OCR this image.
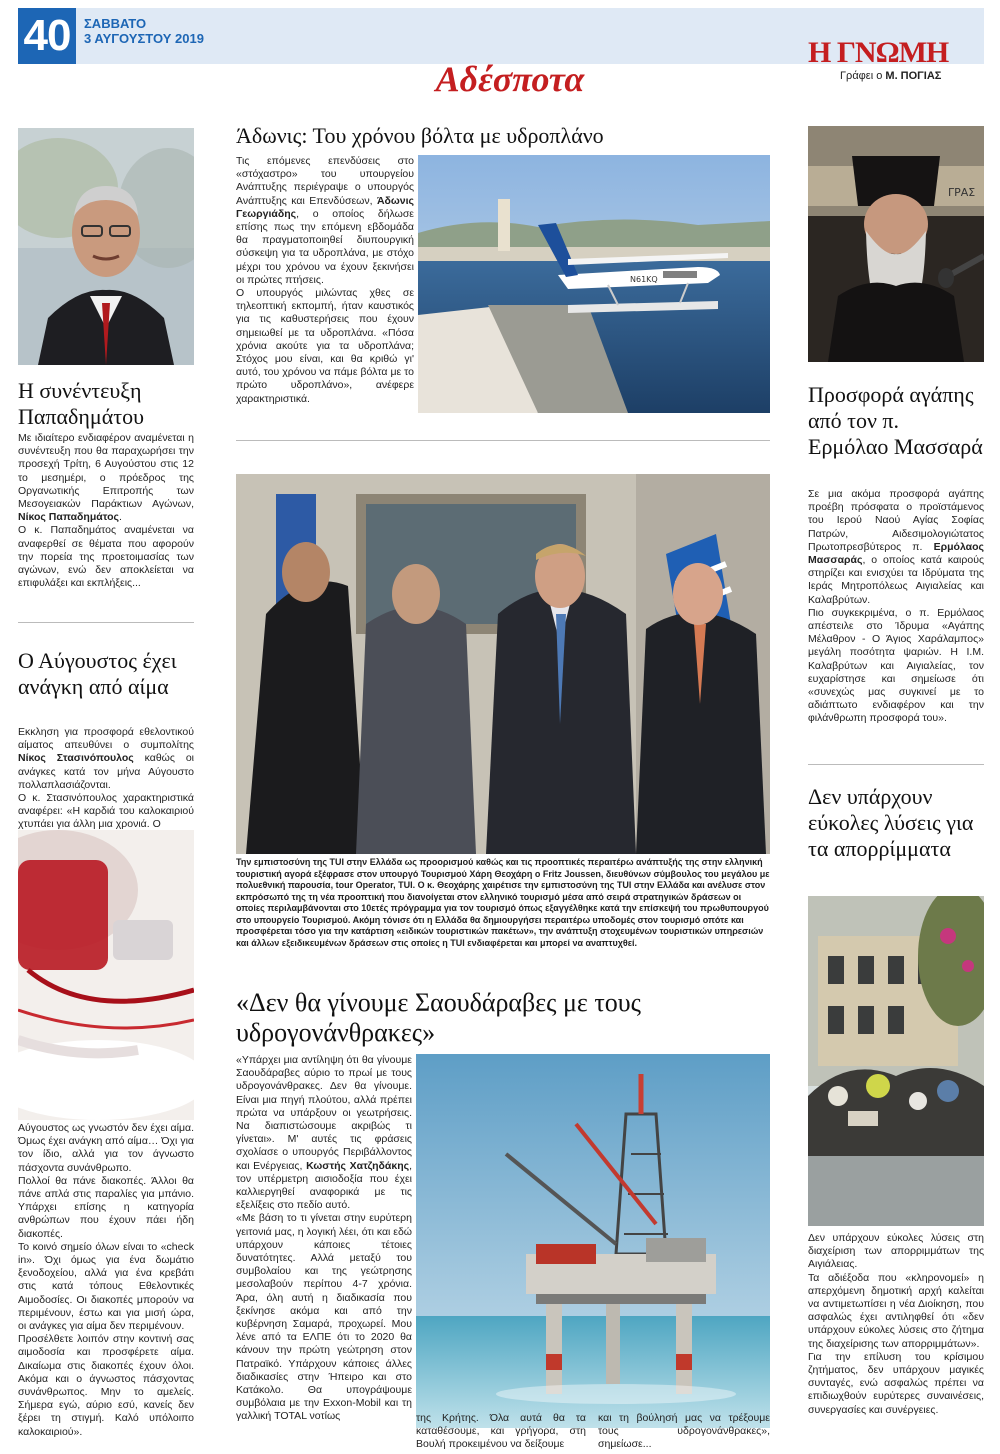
40	ΣΑΒΒΑΤΟ
3 ΑΥΓΟΥΣΤΟΥ 2019	Η ΓΝΩΜΗ
Γράφει ο Μ. ΠΟΓΙΑΣ
Αδέσποτα
Η συνέντευξη Παπαδημάτου
Με ιδιαίτερο ενδιαφέρον αναμένεται η συνέντευξη που θα παραχωρήσει την προσεχή Τρίτη, 6 Αυγούστου στις 12 το μεσημέρι, ο πρόεδρος της Οργανωτικής Επιτροπής των Μεσογειακών Παράκτιων Αγώνων, Νίκος Παπαδημάτος.
Ο κ. Παπαδημάτος αναμένεται να αναφερθεί σε θέματα που αφορούν την πορεία της προετοιμασίας των αγώνων, ενώ δεν αποκλείεται να επιφυλάξει και εκπλήξεις...
Ο Αύγουστος έχει ανάγκη από αίμα
Εκκληση για προσφορά εθελοντικού αίματος απευθύνει ο συμπολίτης Νίκος Στασινόπουλος καθώς οι ανάγκες κατά τον μήνα Αύγουστο πολλαπλασιάζονται.
Ο κ. Στασινόπουλος χαρακτηριστικά αναφέρει: «Η καρδιά του καλοκαιριού χτυπάει για άλλη μια χρονιά. Ο
Αύγουστος ως γνωστόν δεν έχει αίμα. Όμως έχει ανάγκη από αίμα… Όχι για τον ίδιο, αλλά για τον άγνωστο πάσχοντα συνάνθρωπο.
Πολλοί θα πάνε διακοπές. Άλλοι θα πάνε απλά στις παραλίες για μπάνιο. Υπάρχει επίσης η κατηγορία ανθρώπων που έχουν πάει ήδη διακοπές.
Το κοινό σημείο όλων είναι το «check in». Όχι όμως για ένα δωμάτιο ξενοδοχείου, αλλά για ένα κρεβάτι στις κατά τόπους Εθελοντικές Αιμοδοσίες. Οι διακοπές μπορούν να περιμένουν, έστω και για μισή ώρα, οι ανάγκες για αίμα δεν περιμένουν.
Προσέλθετε λοιπόν στην κοντινή σας αιμοδοσία και προσφέρετε αίμα. Δικαίωμα στις διακοπές έχουν όλοι. Ακόμα και ο άγνωστος πάσχοντας συνάνθρωπος. Μην το αμελείς. Σήμερα εγώ, αύριο εσύ, κανείς δεν ξέρει τη στιγμή. Καλό υπόλοιπο καλοκαιριού».
Άδωνις: Του χρόνου βόλτα με υδροπλάνο
Τις επόμενες επενδύσεις στο «στόχαστρο» του υπουργείου Ανάπτυξης περιέγραψε ο υπουργός Ανάπτυξης και Επενδύσεων, Άδωνις Γεωργιάδης, ο οποίος δήλωσε επίσης πως την επόμενη εβδομάδα θα πραγματοποιηθεί διυπουργική σύσκεψη για τα υδροπλάνα, με στόχο μέχρι του χρόνου να έχουν ξεκινήσει οι πρώτες πτήσεις.
Ο υπουργός μιλώντας χθες σε τηλεοπτική εκπομπή, ήταν καυστικός για τις καθυστερήσεις που έχουν σημειωθεί με τα υδροπλάνα. «Πόσα χρόνια ακούτε για τα υδροπλάνα; Στόχος μου είναι, και θα κριθώ γι' αυτό, του χρόνου να πάμε βόλτα με το πρώτο υδροπλάνο», ανέφερε χαρακτηριστικά.
N61KQ
Την εμπιστοσύνη της TUI στην Ελλάδα ως προορισμού καθώς και τις προοπτικές περαιτέρω ανάπτυξής της στην ελληνική τουριστική αγορά εξέφρασε στον υπουργό Τουρισμού Χάρη Θεοχάρη ο Fritz Joussen, διευθύνων σύμβουλος του μεγάλου με πολυεθνική παρουσία, tour Operator, TUI. Ο κ. Θεοχάρης χαιρέτισε την εμπιστοσύνη της TUI στην Ελλάδα και ανέλυσε στον εκπρόσωπό της τη νέα προοπτική που διανοίγεται στον ελληνικό τουρισμό μέσα από σειρά στρατηγικών δράσεων οι οποίες περιλαμβάνονται στο 10ετές πρόγραμμα για τον τουρισμό όπως εξαγγέλθηκε κατά την επίσκεψή του πρωθυπουργού στο υπουργείο Τουρισμού. Ακόμη τόνισε ότι η Ελλάδα θα δημιουργήσει περαιτέρω υποδομές στον τουρισμό οπότε και προσφέρεται τόσο για την κατάρτιση «ειδικών τουριστικών πακέτων», την ανάπτυξη στοχευμένων τουριστικών υπηρεσιών και άλλων εξειδικευμένων δράσεων στις οποίες η TUI ενδιαφέρεται και μπορεί να αναπτυχθεί.
«Δεν θα γίνουμε Σαουδάραβες με τους υδρογονάνθρακες»
«Υπάρχει μια αντίληψη ότι θα γίνουμε Σαουδάραβες αύριο το πρωί με τους υδρογονάνθρακες. Δεν θα γίνουμε. Είναι μια πηγή πλούτου, αλλά πρέπει πρώτα να υπάρξουν οι γεωτρήσεις. Να διαπιστώσουμε ακριβώς τι γίνεται». Μ' αυτές τις φράσεις σχολίασε ο υπουργός Περιβάλλοντος και Ενέργειας, Κωστής Χατζηδάκης, τον υπέρμετρη αισιοδοξία που έχει καλλιεργηθεί αναφορικά με τις εξελίξεις στο πεδίο αυτό.
«Με βάση το τι γίνεται στην ευρύτερη γειτονιά μας, η λογική λέει, ότι και εδώ υπάρχουν κάποιες τέτοιες δυνατότητες. Αλλά μεταξύ του συμβολαίου και της γεώτρησης μεσολαβούν περίπου 4-7 χρόνια. Άρα, όλη αυτή η διαδικασία που ξεκίνησε ακόμα και από την κυβέρνηση Σαμαρά, προχωρεί. Μου λένε από τα ΕΛΠΕ ότι το 2020 θα κάνουν την πρώτη γεώτρηση στον Πατραϊκό. Υπάρχουν κάποιες άλλες διαδικασίες στην Ήπειρο και στο Κατάκολο. Θα υπογράψουμε συμβόλαια με την Exxon-Mobil και τη γαλλική TOTAL νοτίως	της Κρήτης. Όλα αυτά θα τα καταθέσουμε, και γρήγορα, στη Βουλή προκειμένου να δείξουμε
και τη βούλησή μας να τρέξουμε τους υδρογονάνθρακες», σημείωσε...
ΓΡΑΣ
Προσφορά αγάπης από τον π. Ερμόλαο Μασσαρά
Σε μια ακόμα προσφορά αγάπης προέβη πρόσφατα ο προϊστάμενος του Ιερού Ναού Αγίας Σοφίας Πατρών, Αιδεσιμολογιώτατος Πρωτοπρεσβύτερος π. Ερμόλαος Μασσαράς, ο οποίος κατά καιρούς στηρίζει και ενισχύει τα Ιδρύματα της Ιεράς Μητροπόλεως Αιγιαλείας και Καλαβρύτων.
Πιο συγκεκριμένα, ο π. Ερμόλαος απέστειλε στο Ίδρυμα «Αγάπης Μέλαθρον - Ο Άγιος Χαράλαμπος» μεγάλη ποσότητα ψαριών. Η Ι.Μ. Καλαβρύτων και Αιγιαλείας, τον ευχαρίστησε και σημείωσε ότι «συνεχώς μας συγκινεί με το αδιάπτωτο ενδιαφέρον και την φιλάνθρωπη προσφορά του».
Δεν υπάρχουν εύκολες λύσεις για τα απορρίμματα
Δεν υπάρχουν εύκολες λύσεις στη διαχείριση των απορριμμάτων της Αιγιάλειας.
Τα αδιέξοδα που «κληρονομεί» η απερχόμενη δημοτική αρχή καλείται να αντιμετωπίσει η νέα Διοίκηση, που ασφαλώς έχει αντιληφθεί ότι «δεν υπάρχουν εύκολες λύσεις στο ζήτημα της διαχείρισης των απορριμμάτων».
Για την επίλυση του κρίσιμου ζητήματος, δεν υπάρχουν μαγικές συνταγές, ενώ ασφαλώς πρέπει να επιδιωχθούν ευρύτερες συναινέσεις, συνεργασίες και συνέργειες.
